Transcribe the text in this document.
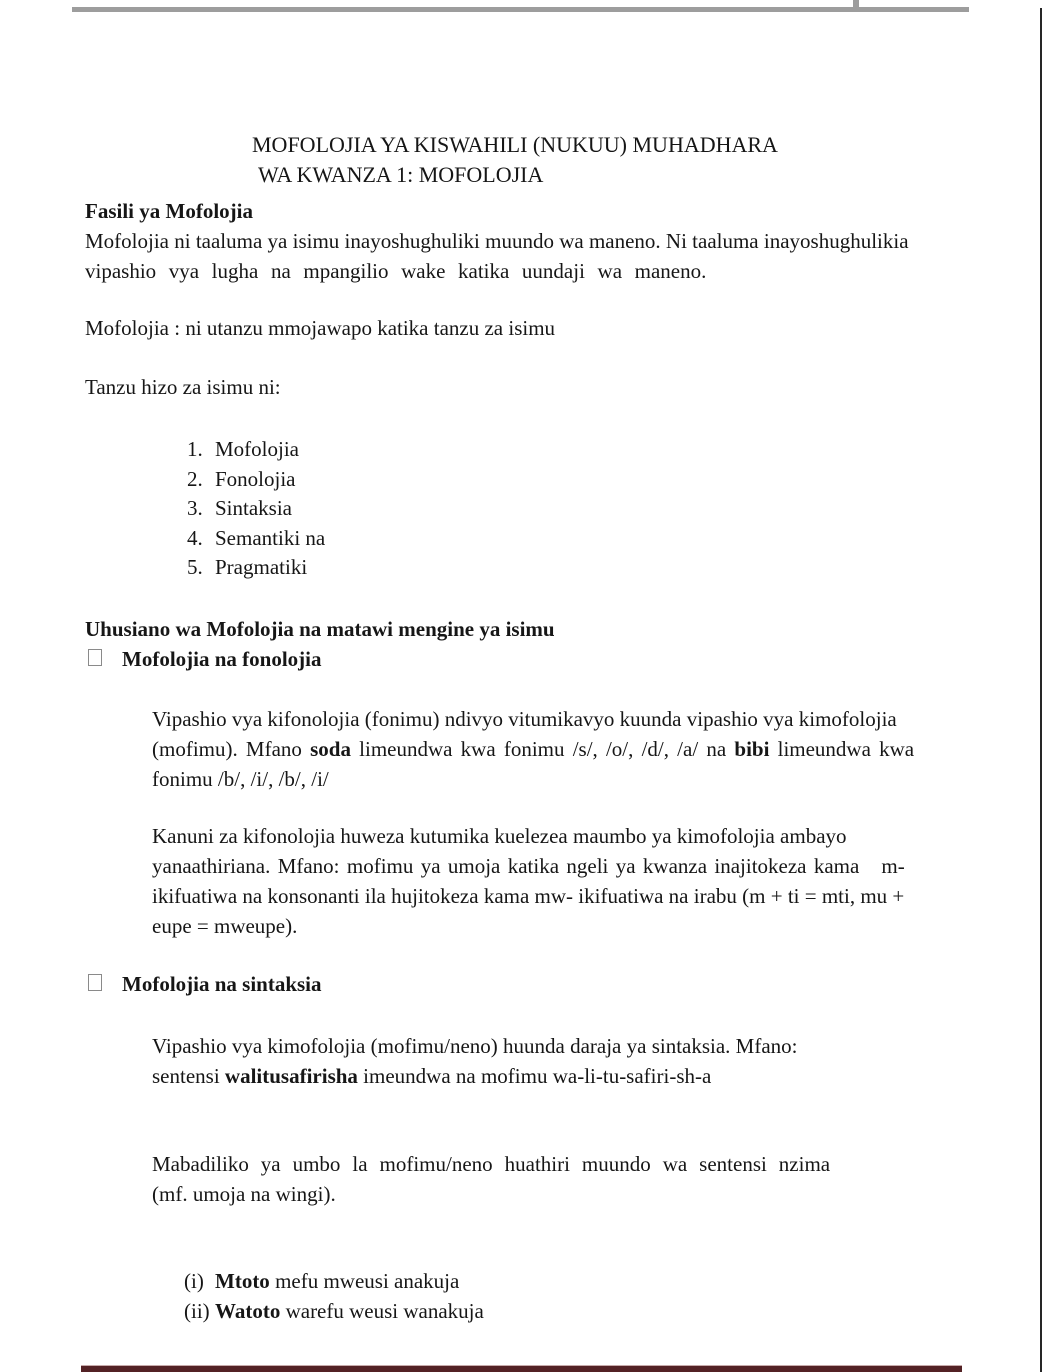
MOFOLOJIA YA KISWAHILI (NUKUU) MUHADHARA
WA KWANZA 1: MOFOLOJIA
Fasili ya Mofolojia
Mofolojia ni taaluma ya isimu inayoshughuliki muundo wa maneno. Ni taaluma inayoshughulikia
vipashio vya lugha na mpangilio wake katika uundaji wa maneno.
Mofolojia : ni utanzu mmojawapo katika tanzu za isimu
Tanzu hizo za isimu ni:
1. Mofolojia
2. Fonolojia
3. Sintaksia
4. Semantiki na
5. Pragmatiki
Uhusiano wa Mofolojia na matawi mengine ya isimu
Mofolojia na fonolojia
Vipashio vya kifonolojia (fonimu) ndivyo vitumikavyo kuunda vipashio vya kimofolojia
(mofimu). Mfano soda limeundwa kwa fonimu /s/, /o/, /d/, /a/ na bibi limeundwa kwa
fonimu /b/, /i/, /b/, /i/
Kanuni za kifonolojia huweza kutumika kuelezea maumbo ya kimofolojia ambayo
yanaathiriana. Mfano: mofimu ya umoja katika ngeli ya kwanza inajitokeza kama   m-
ikifuatiwa na konsonanti ila hujitokeza kama mw- ikifuatiwa na irabu (m + ti = mti, mu +
eupe = mweupe).
Mofolojia na sintaksia
Vipashio vya kimofolojia (mofimu/neno) huunda daraja ya sintaksia. Mfano:
sentensi walitusafirisha imeundwa na mofimu wa-li-tu-safiri-sh-a
Mabadiliko ya umbo la mofimu/neno huathiri muundo wa sentensi nzima
(mf. umoja na wingi).
(i) Mtoto mefu mweusi anakuja
(ii) Watoto warefu weusi wanakuja
